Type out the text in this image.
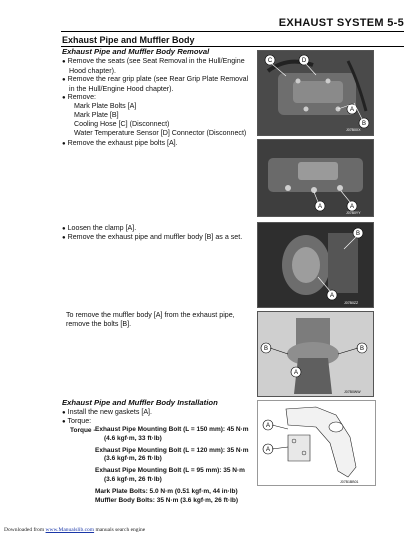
EXHAUST SYSTEM 5-5
Exhaust Pipe and Muffler Body
Exhaust Pipe and Muffler Body Removal
● Remove the seats (see Seat Removal in the Hull/Engine
Hood chapter).
● Remove the rear grip plate (see Rear Grip Plate Removal
in the Hull/Engine Hood chapter).
● Remove:
Mark Plate Bolts [A]
Mark Plate [B]
Cooling Hose [C] (Disconnect)
Water Temperature Sensor [D] Connector (Disconnect)
● Remove the exhaust pipe bolts [A].
● Loosen the clamp [A].
● Remove the exhaust pipe and muffler body [B] as a set.
To remove the muffler body [A] from the exhaust pipe,
remove the bolts [B].
Exhaust Pipe and Muffler Body Installation
● Install the new gaskets [A].
● Torque:
Torque - Exhaust Pipe Mounting Bolt (L = 150 mm): 45 N·m
(4.6 kgf·m, 33 ft·lb)
Exhaust Pipe Mounting Bolt (L = 120 mm): 35 N·m
(3.6 kgf·m, 26 ft·lb)
Exhaust Pipe Mounting Bolt (L = 95 mm): 35 N·m
(3.6 kgf·m, 26 ft·lb)
Mark Plate Bolts: 5.0 N·m (0.51 kgf·m, 44 in·lb)
Muffler Body Bolts: 35 N·m (3.6 kgf·m, 26 ft·lb)
C	D
A
B
J07B0XX
A	A
J07B0YY
B
A
J07B0ZZ
B	B
A
J07B0WW
A
A
J07B1BB01
Downloaded from www.Manualslib.com manuals search engine
